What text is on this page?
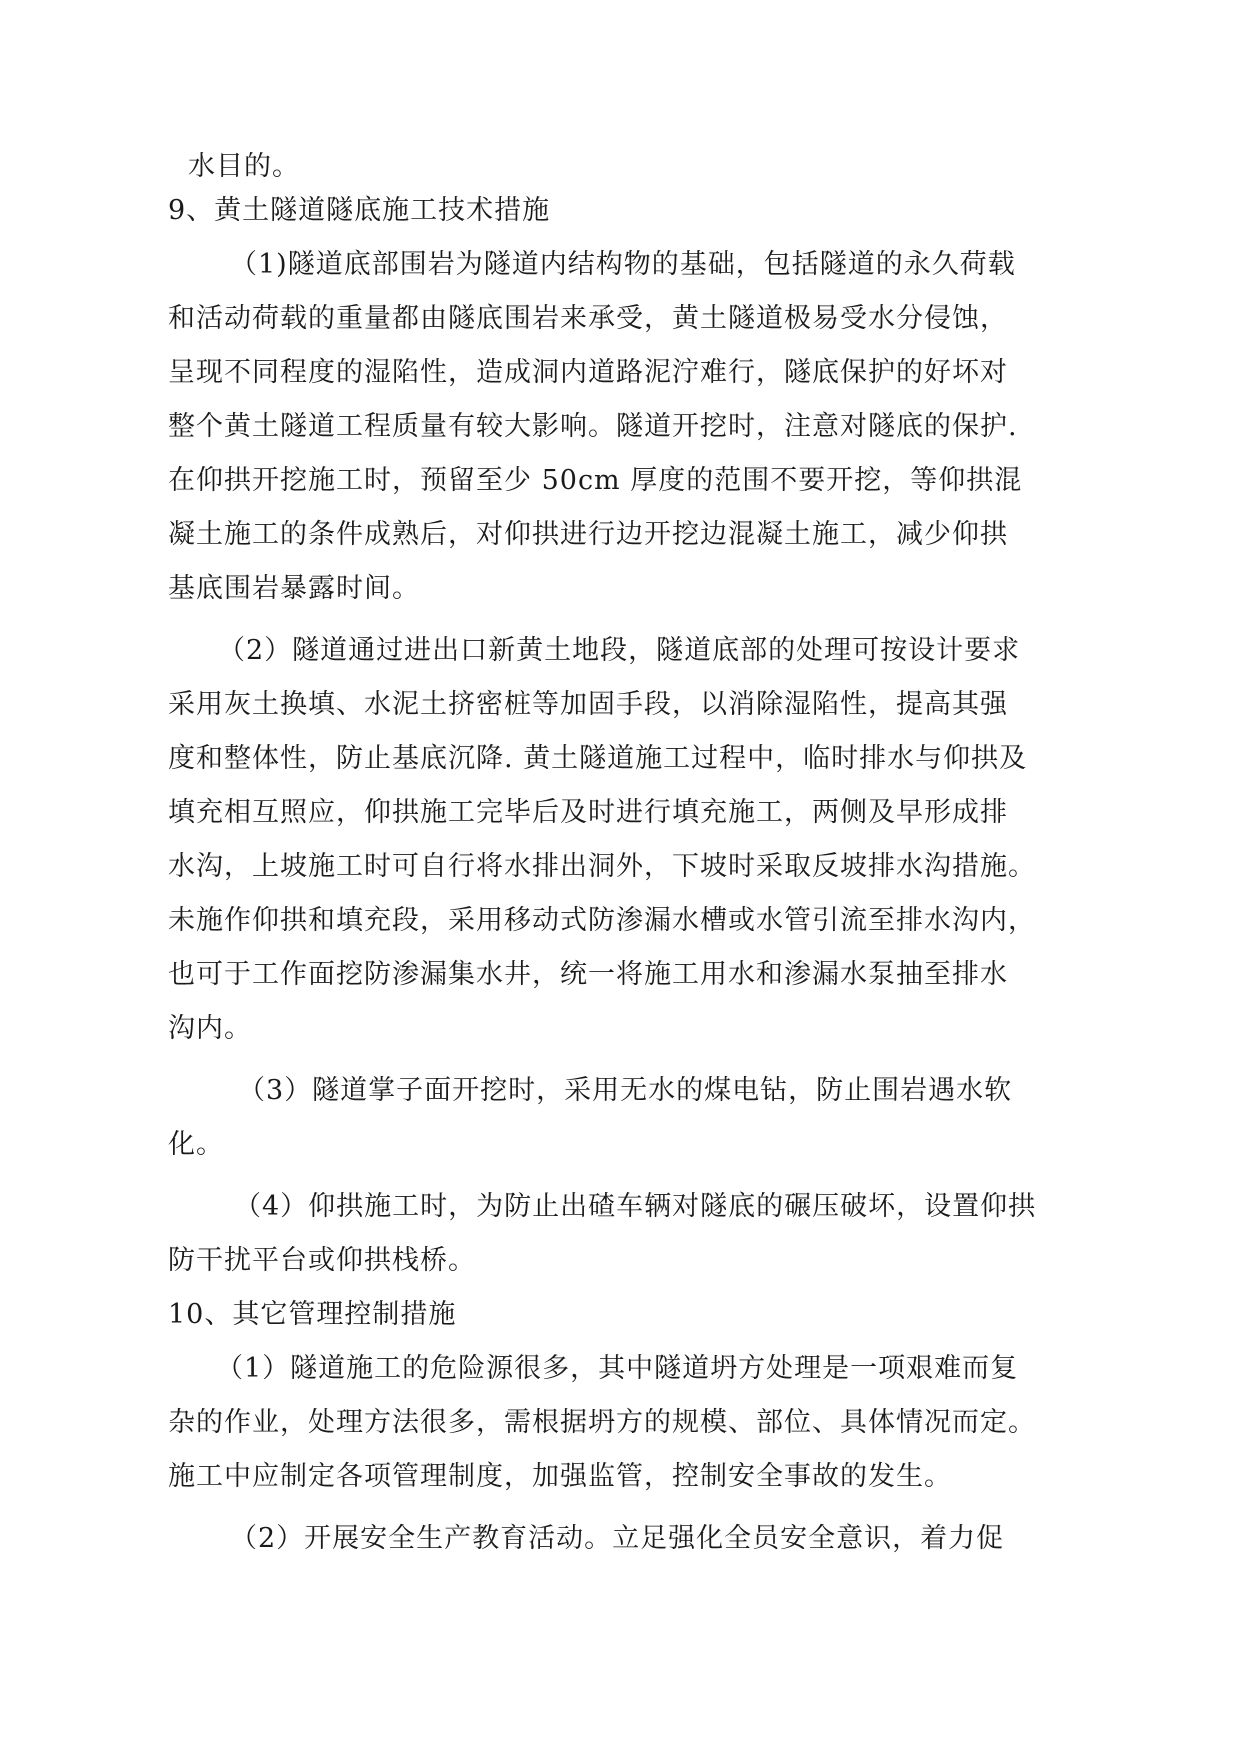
水目的。
9、黄土隧道隧底施工技术措施
（1)隧道底部围岩为隧道内结构物的基础，包括隧道的永久荷载
和活动荷载的重量都由隧底围岩来承受，黄土隧道极易受水分侵蚀，
呈现不同程度的湿陷性，造成洞内道路泥泞难行，隧底保护的好坏对
整个黄土隧道工程质量有较大影响。隧道开挖时，注意对隧底的保护.
在仰拱开挖施工时，预留至少 50cm 厚度的范围不要开挖，等仰拱混
凝土施工的条件成熟后，对仰拱进行边开挖边混凝土施工，减少仰拱
基底围岩暴露时间。
（2）隧道通过进出口新黄土地段，隧道底部的处理可按设计要求
采用灰土换填、水泥土挤密桩等加固手段，以消除湿陷性，提高其强
度和整体性，防止基底沉降. 黄土隧道施工过程中，临时排水与仰拱及
填充相互照应，仰拱施工完毕后及时进行填充施工，两侧及早形成排
水沟，上坡施工时可自行将水排出洞外，下坡时采取反坡排水沟措施。
未施作仰拱和填充段，采用移动式防渗漏水槽或水管引流至排水沟内，
也可于工作面挖防渗漏集水井，统一将施工用水和渗漏水泵抽至排水
沟内。
（3）隧道掌子面开挖时，采用无水的煤电钻，防止围岩遇水软
化。
（4）仰拱施工时，为防止出碴车辆对隧底的碾压破坏，设置仰拱
防干扰平台或仰拱栈桥。
10、其它管理控制措施
（1）隧道施工的危险源很多，其中隧道坍方处理是一项艰难而复
杂的作业，处理方法很多，需根据坍方的规模、部位、具体情况而定。
施工中应制定各项管理制度，加强监管，控制安全事故的发生。
（2）开展安全生产教育活动。立足强化全员安全意识，着力促
